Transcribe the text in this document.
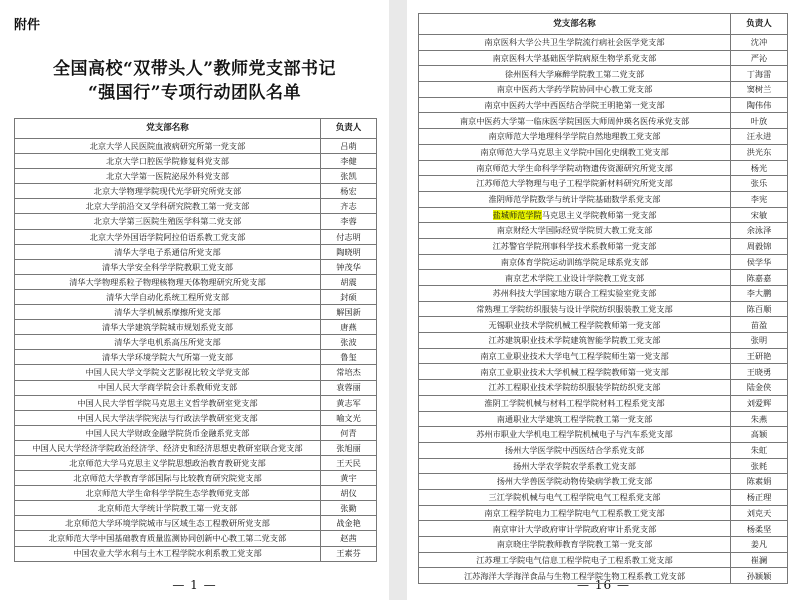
附件
全国高校“双带头人”教师党支部书记
“强国行”专项行动团队名单
— 1 —
党支部名称	负责人
北京大学人民医院血液病研究所第一党支部	吕萌
北京大学口腔医学院修复科党支部	李健
北京大学第一医院泌尿外科党支部	张凯
北京大学物理学院现代光学研究所党支部	杨宏
北京大学前沿交叉学科研究院教工第一党支部	齐志
北京大学第三医院生殖医学科第二党支部	李蓉
北京大学外国语学院阿拉伯语系教工党支部	付志明
清华大学电子系通信所党支部	陶晓明
清华大学安全科学学院教职工党支部	钟茂华
清华大学物理系粒子物理核物理天体物理研究所党支部	胡震
清华大学自动化系统工程所党支部	封硕
清华大学机械系摩擦所党支部	解国新
清华大学建筑学院城市规划系党支部	唐燕
清华大学电机系高压所党支部	张波
清华大学环境学院大气所第一党支部	鲁玺
中国人民大学文学院文艺影视比较文学党支部	常培杰
中国人民大学商学院会计系教师党支部	袁蓉丽
中国人民大学哲学院马克思主义哲学教研室党支部	黄志军
中国人民大学法学院宪法与行政法学教研室党支部	喻文光
中国人民大学财政金融学院货币金融系党支部	何青
中国人民大学经济学院政治经济学、经济史和经济思想史教研室联合党支部	张旭丽
北京师范大学马克思主义学院思想政治教育教研党支部	王天民
北京师范大学教育学部国际与比较教育研究院党支部	黄宇
北京师范大学生命科学学院生态学教师党支部	胡仪
北京师范大学统计学院教工第一党支部	张勤
北京师范大学环境学院城市与区域生态工程教研所党支部	战金艳
北京师范大学中国基础教育质量监测协同创新中心教工第二党支部	赵茜
中国农业大学水利与土木工程学院水利系教工党支部	王素芬
— 16 —
党支部名称	负责人
南京医科大学公共卫生学院流行病社会医学党支部	沈冲
南京医科大学基础医学院病原生物学系党支部	严沁
徐州医科大学麻醉学院教工第二党支部	丁海雷
南京中医药大学药学院协同中心教工党支部	窦树兰
南京中医药大学中西医结合学院王明艳第一党支部	陶伟伟
南京中医药大学第一临床医学院国医大师周仲瑛名医传承党支部	叶放
南京师范大学地理科学学院自然地理教工党支部	汪永进
南京师范大学马克思主义学院中国化史纲教工党支部	洪光东
南京师范大学生命科学学院动物遗传资源研究所党支部	杨光
江苏师范大学物理与电子工程学院新材料研究所党支部	张乐
淮阴师范学院数学与统计学院基础数学系党支部	李宪
盐城师范学院马克思主义学院教师第一党支部	宋敏
南京财经大学国际经贸学院贸大教工党支部	余泳泽
江苏警官学院刑事科学技术系教师第一党支部	周毅锦
南京体育学院运动训练学院足球系党支部	侯学华
南京艺术学院工业设计学院教工党支部	陈嘉嘉
苏州科技大学国家地方联合工程实验室党支部	李大鹏
常熟理工学院纺织服装与设计学院纺织服装教工党支部	陈百顺
无锡职业技术学院机械工程学院教师第一党支部	苗盈
江苏建筑职业技术学院建筑智能学院教工党支部	张明
南京工业职业技术大学电气工程学院师生第一党支部	王研艳
南京工业职业技术大学机械工程学院教师第一党支部	王晓勇
江苏工程职业技术学院纺织服装学院纺织党支部	陆金侠
淮阴工学院机械与材料工程学院材料工程系党支部	刘爱辉
南通职业大学建筑工程学院教工第一党支部	朱燕
苏州市职业大学机电工程学院机械电子与汽车系党支部	高颖
扬州大学医学院中西医结合学系党支部	朱虹
扬州大学农学院农学系教工党支部	张耗
扬州大学兽医学院动物传染病学教工党支部	陈素娟
三江学院机械与电气工程学院电气工程系党支部	杨正理
南京工程学院电力工程学院电气工程系教工党支部	刘克天
南京审计大学政府审计学院政府审计系党支部	杨柔坚
南京晓庄学院教师教育学院教工第一党支部	姜凡
江苏理工学院电气信息工程学院电子工程系教工党支部	崔澜
江苏海洋大学海洋食品与生物工程学院生物工程系教工党支部	孙颖颖
